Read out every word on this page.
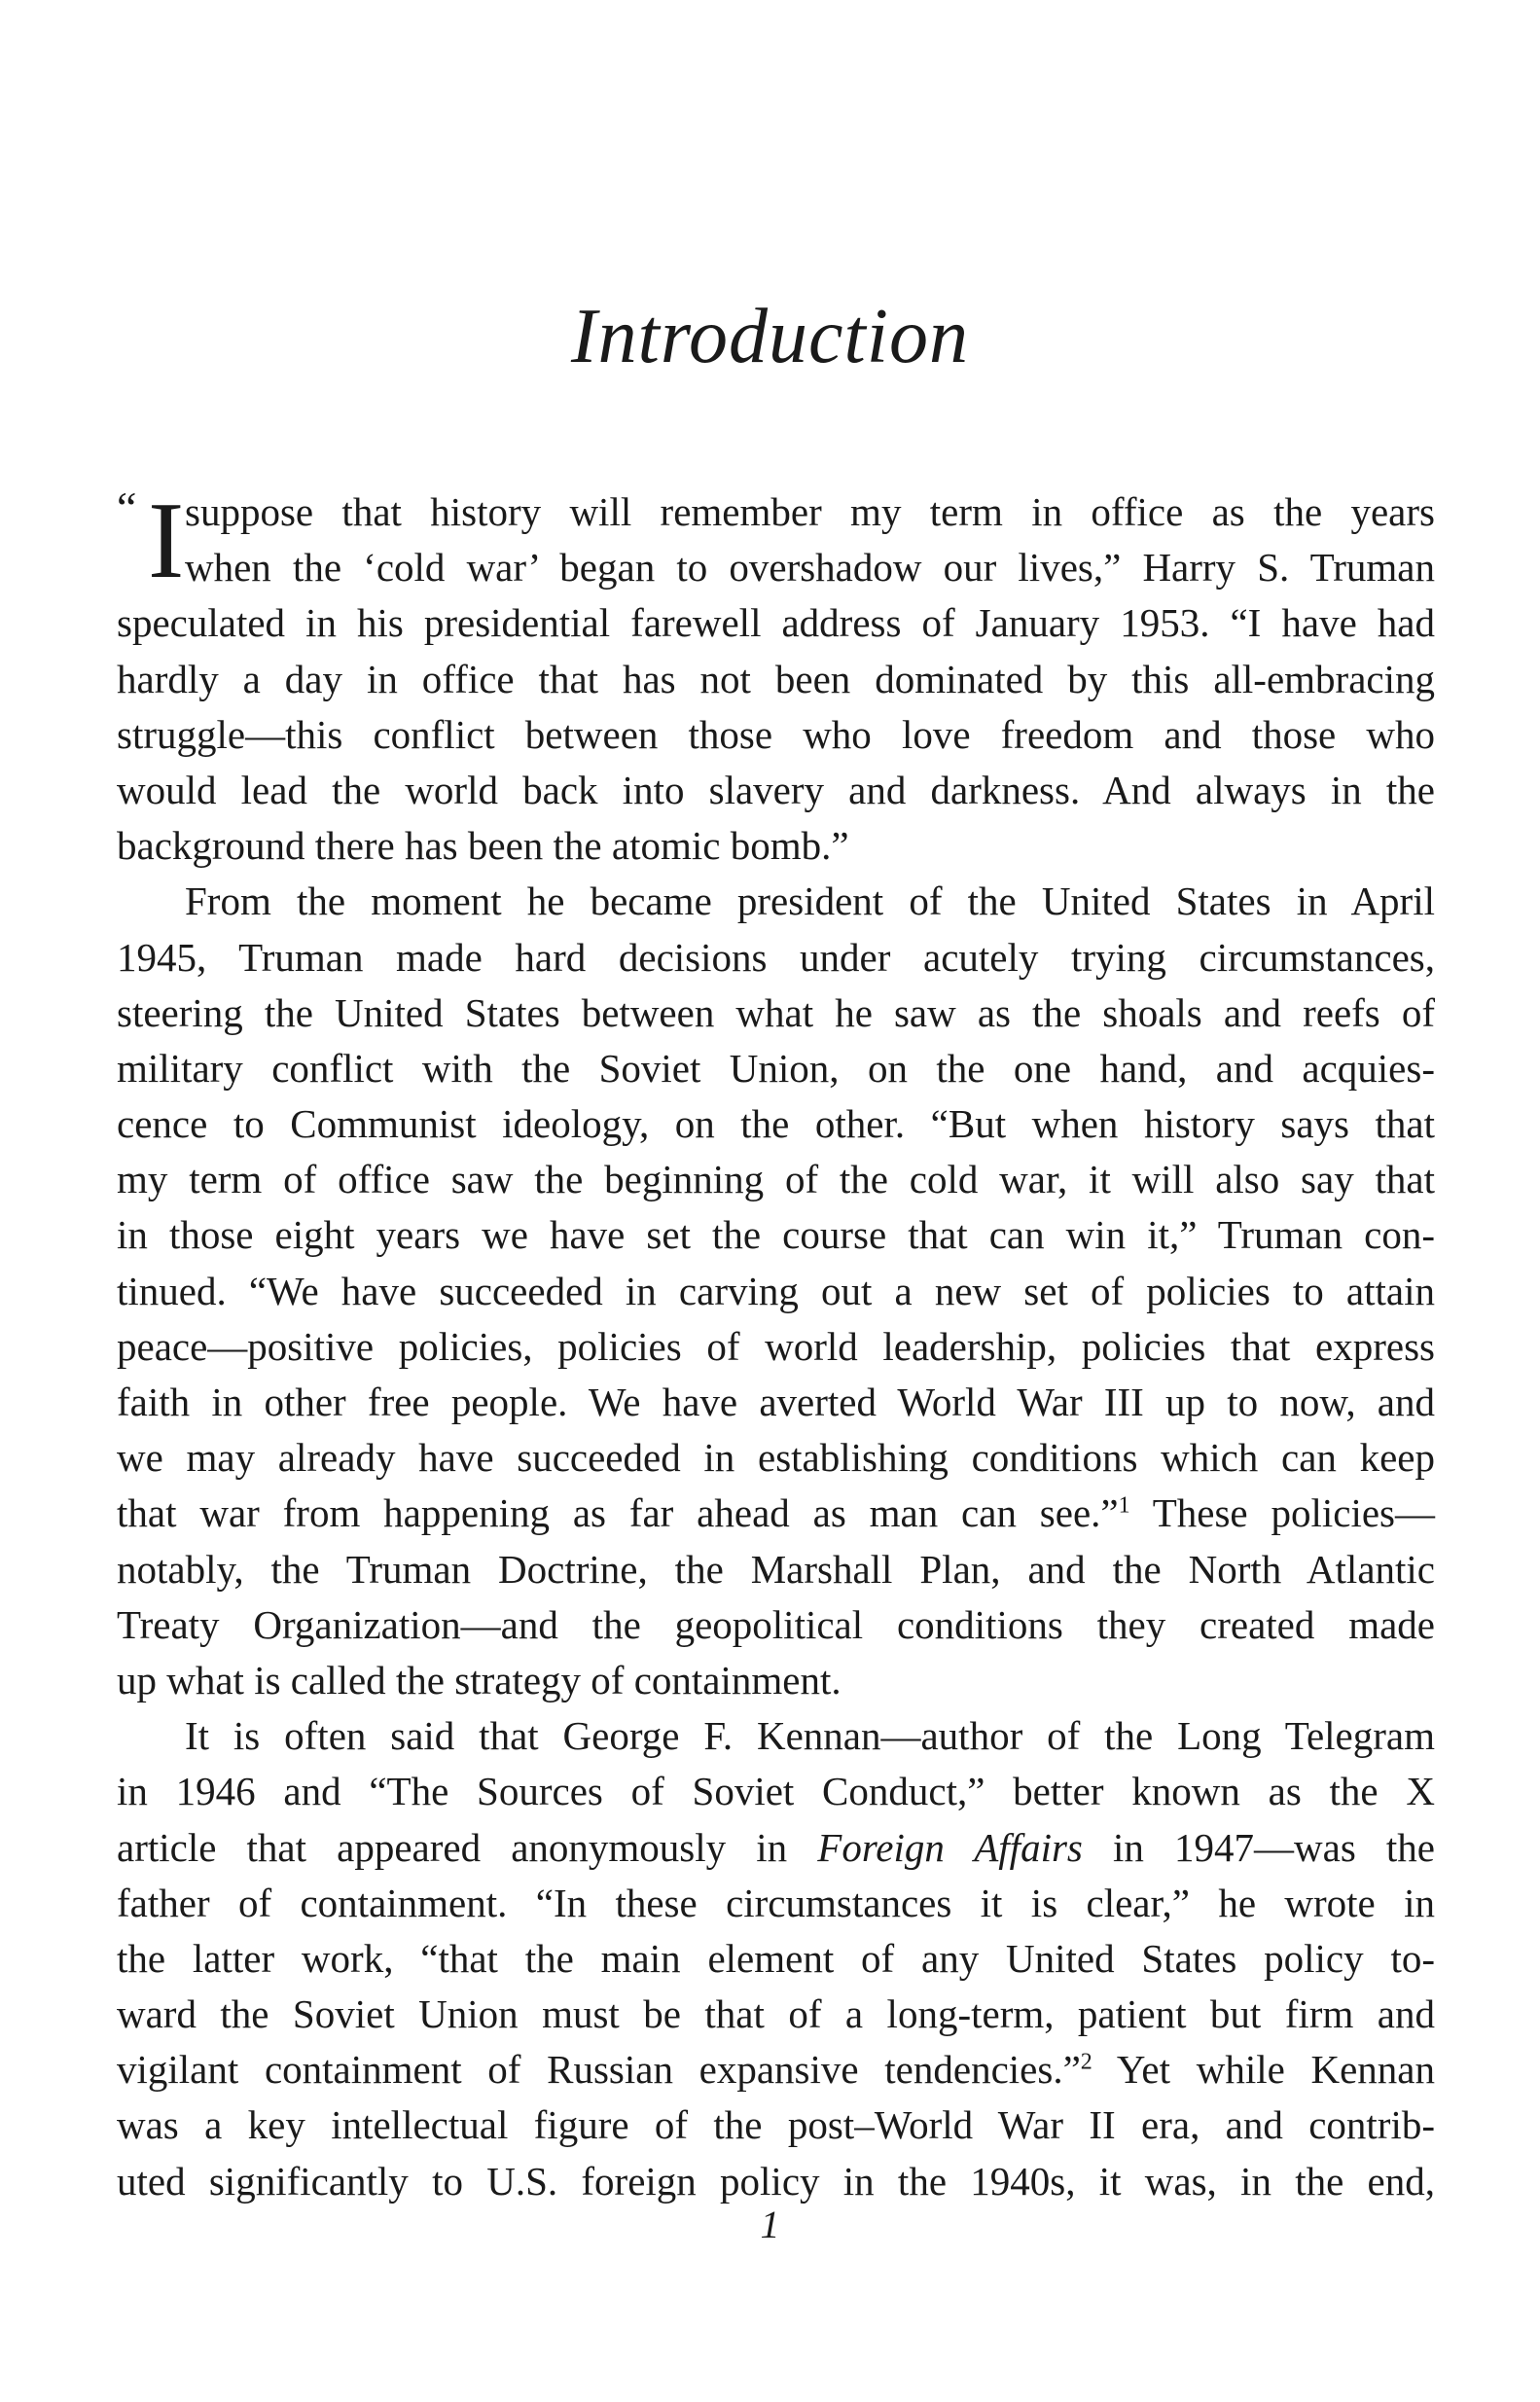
Introduction
“ I suppose that history will remember my term in office as the years
when the ‘cold war’ began to overshadow our lives,” Harry S. Truman
speculated in his presidential farewell address of January 1953. “I have had
hardly a day in office that has not been dominated by this all-embracing
struggle—this conflict between those who love freedom and those who
would lead the world back into slavery and darkness. And always in the
background there has been the atomic bomb.”
From the moment he became president of the United States in April
1945, Truman made hard decisions under acutely trying circumstances,
steering the United States between what he saw as the shoals and reefs of
military conflict with the Soviet Union, on the one hand, and acquies-
cence to Communist ideology, on the other. “But when history says that
my term of office saw the beginning of the cold war, it will also say that
in those eight years we have set the course that can win it,” Truman con-
tinued. “We have succeeded in carving out a new set of policies to attain
peace—positive policies, policies of world leadership, policies that express
faith in other free people. We have averted World War III up to now, and
we may already have succeeded in establishing conditions which can keep
that war from happening as far ahead as man can see.”$^1$ These policies—
notably, the Truman Doctrine, the Marshall Plan, and the North Atlantic
Treaty Organization—and the geopolitical conditions they created made
up what is called the strategy of containment.
It is often said that George F. Kennan—author of the Long Telegram
in 1946 and “The Sources of Soviet Conduct,” better known as the X
article that appeared anonymously in Foreign Affairs in 1947—was the
father of containment. “In these circumstances it is clear,” he wrote in
the latter work, “that the main element of any United States policy to-
ward the Soviet Union must be that of a long-term, patient but firm and
vigilant containment of Russian expansive tendencies.”$^2$ Yet while Kennan
was a key intellectual figure of the post–World War II era, and contrib-
uted significantly to U.S. foreign policy in the 1940s, it was, in the end,
1
